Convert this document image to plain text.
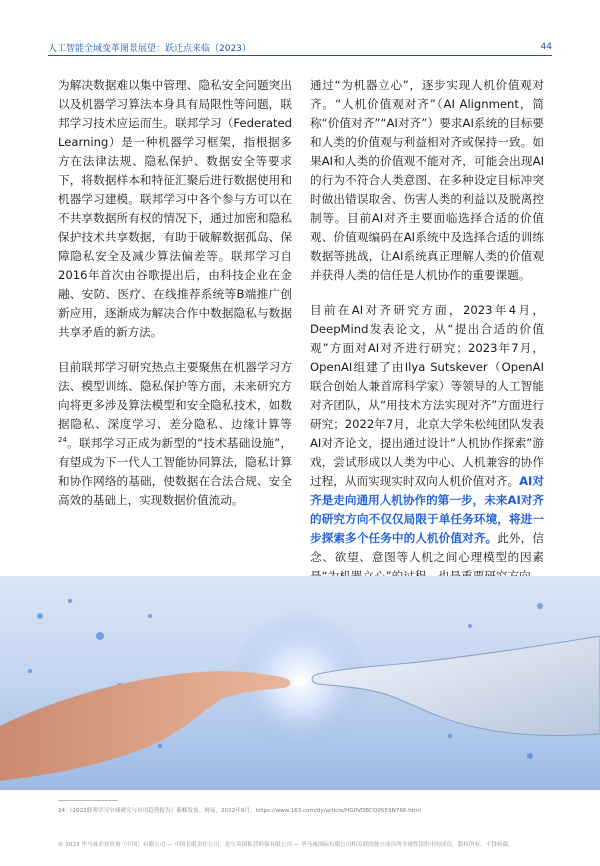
人工智能全域变革图景展望：跃迁点来临（2023）	44

为解决数据难以集中管理、隐私安全问题突出以及机器学习算法本身具有局限性等问题，联邦学习技术应运而生。联邦学习（Federated Learning）是一种机器学习框架，指根据多方在法律法规、隐私保护、数据安全等要求下，将数据样本和特征汇聚后进行数据使用和机器学习建模。联邦学习中各个参与方可以在不共享数据所有权的情况下，通过加密和隐私保护技术共享数据，有助于破解数据孤岛、保障隐私安全及减少算法偏差等。联邦学习自2016年首次由谷歌提出后，由科技企业在金融、安防、医疗、在线推荐系统等B端推广创新应用，逐渐成为解决合作中数据隐私与数据共享矛盾的新方法。

目前联邦学习研究热点主要聚焦在机器学习方法、模型训练、隐私保护等方面，未来研究方向将更多涉及算法模型和安全隐私技术，如数据隐私、深度学习、差分隐私、边缘计算等$^{24}$。联邦学习正成为新型的“技术基础设施”，有望成为下一代人工智能协同算法，隐私计算和协作网络的基础，使数据在合法合规、安全高效的基础上，实现数据价值流动。

通过“为机器立心”，逐步实现人机价值观对齐。“人机价值观对齐”（AI Alignment，简称“价值对齐”“AI对齐”）要求AI系统的目标要和人类的价值观与利益相对齐或保持一致。如果AI和人类的价值观不能对齐，可能会出现AI的行为不符合人类意图、在多种设定目标冲突时做出错误取舍、伤害人类的利益以及脱离控制等。目前AI对齐主要面临选择合适的价值观、价值观编码在AI系统中及选择合适的训练数据等挑战，让AI系统真正理解人类的价值观并获得人类的信任是人机协作的重要课题。

目前在AI对齐研究方面，2023年4月，DeepMind发表论文，从“提出合适的价值观”方面对AI对齐进行研究；2023年7月，OpenAI组建了由Ilya Sutskever（OpenAI联合创始人兼首席科学家）等领导的人工智能对齐团队，从“用技术方法实现对齐”方面进行研究；2022年7月，北京大学朱松纯团队发表AI对齐论文，提出通过设计“人机协作探索”游戏，尝试形成以人类为中心、人机兼容的协作过程，从而实现实时双向人机价值对齐。AI对齐是走向通用人机协作的第一步，未来AI对齐的研究方向不仅仅局限于单任务环境，将进一步探索多个任务中的人机价值对齐。此外，信念、欲望、意图等人机之间心理模型的因素

24 《2022联邦学习全球研究与应用趋势报告》蓄峰发布。网易，2022年9月。https://www.163.com/dy/article/HG0VDBCQ0553N766.html
© 2023 毕马威企业咨询（中国）有限公司 — 中国有限责任公司，是与英国私营担保有限公司 — 毕马威国际有限公司相关联的独立成员所全球性组织中的成员。版权所有，不得转载。
